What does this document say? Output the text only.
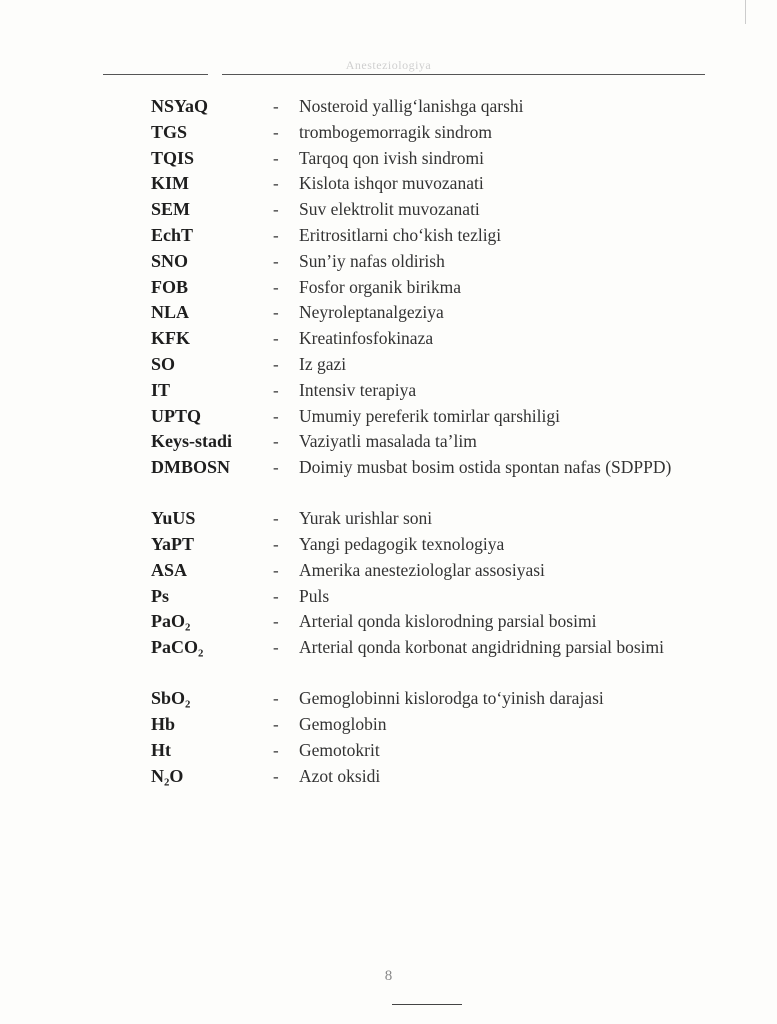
Anesteziologiya
NSYaQ	- Nosteroid yallig‘lanishga qarshi
TGS	- trombogemorragik sindrom
TQIS	- Tarqoq qon ivish sindromi
KIM	- Kislota ishqor muvozanati
SEM	- Suv elektrolit muvozanati
EchT	- Eritrositlarni cho‘kish tezligi
SNO	- Sun’iy nafas oldirish
FOB	- Fosfor organik birikma
NLA	- Neyroleptanalgeziya
KFK	- Kreatinfosfokinaza
SO	- Iz gazi
IT	- Intensiv terapiya
UPTQ	- Umumiy pereferik tomirlar qarshiligi
Keys-stadi - Vaziyatli masalada ta’lim
DMBOSN	- Doimiy musbat bosim ostida spontan nafas (SDPPD)
YuUS	- Yurak urishlar soni
YaPT	- Yangi pedagogik texnologiya
ASA	- Amerika anesteziologlar assosiyasi
Ps	- Puls
PaO₂	- Arterial qonda kislorodning parsial bosimi
PaCO₂	- Arterial qonda korbonat angidridning parsial bosimi
SbO₂	- Gemoglobinni kislorodga to‘yinish darajasi
Hb	- Gemoglobin
Ht	- Gemotokrit
N₂O	- Azot oksidi
8
